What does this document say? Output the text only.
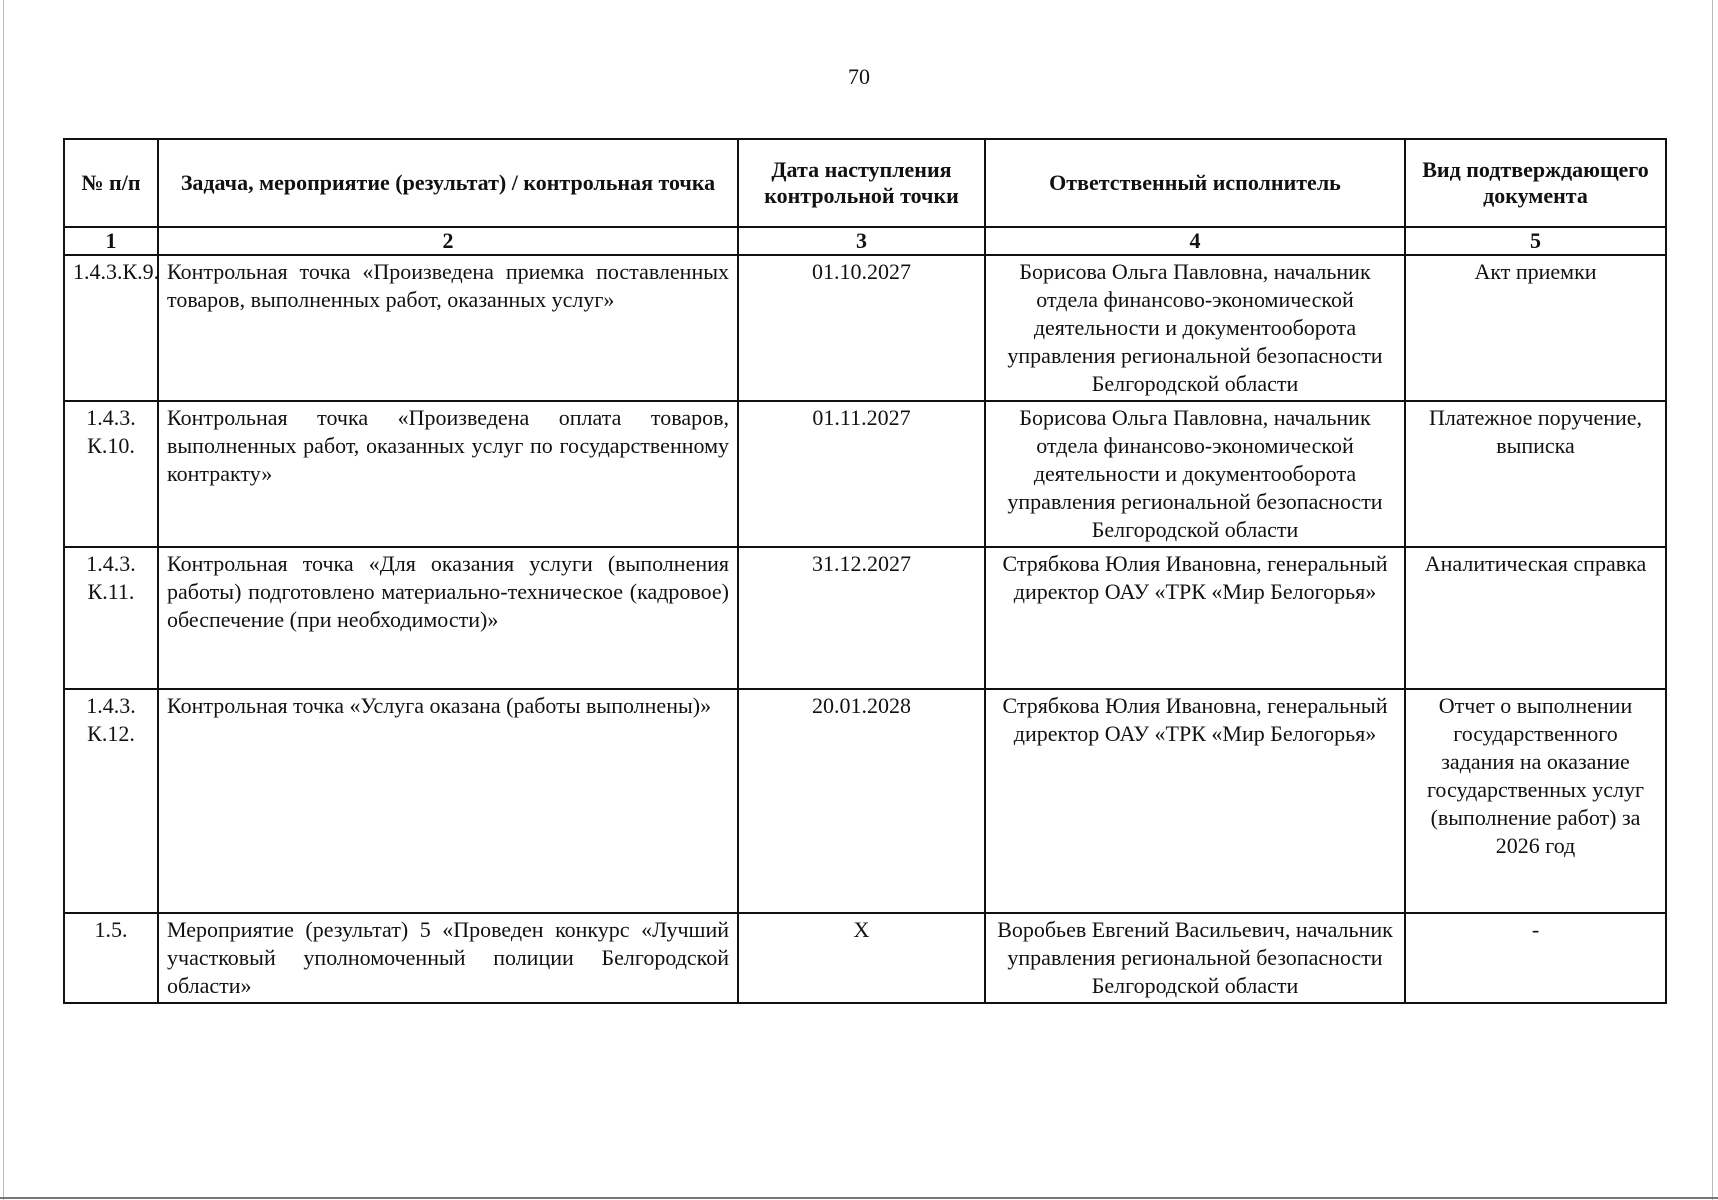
70
№ п/п	Задача, мероприятие (результат) / контрольная точка	Дата наступления контрольной точки	Ответственный исполнитель	Вид подтверждающего документа
1	2	3	4	5
1.4.3.К.9.	Контрольная точка «Произведена приемка поставленных товаров, выполненных работ, оказанных услуг»	01.10.2027	Борисова Ольга Павловна, начальник отдела финансово-экономической деятельности и документооборота управления региональной безопасности Белгородской области	Акт приемки
1.4.3. К.10.	Контрольная точка «Произведена оплата товаров, выполненных работ, оказанных услуг по государственному контракту»	01.11.2027	Борисова Ольга Павловна, начальник отдела финансово-экономической деятельности и документооборота управления региональной безопасности Белгородской области	Платежное поручение, выписка
1.4.3. К.11.	Контрольная точка «Для оказания услуги (выполнения работы) подготовлено материально-техническое (кадровое) обеспечение (при необходимости)»	31.12.2027	Стрябкова Юлия Ивановна, генеральный директор ОАУ «ТРК «Мир Белогорья»	Аналитическая справка
1.4.3. К.12.	Контрольная точка «Услуга оказана (работы выполнены)»	20.01.2028	Стрябкова Юлия Ивановна, генеральный директор ОАУ «ТРК «Мир Белогорья»	Отчет о выполнении государственного задания на оказание государственных услуг (выполнение работ) за 2026 год
1.5.	Мероприятие (результат) 5 «Проведен конкурс «Лучший участковый уполномоченный полиции Белгородской области»	X	Воробьев Евгений Васильевич, начальник управления региональной безопасности Белгородской области	-
